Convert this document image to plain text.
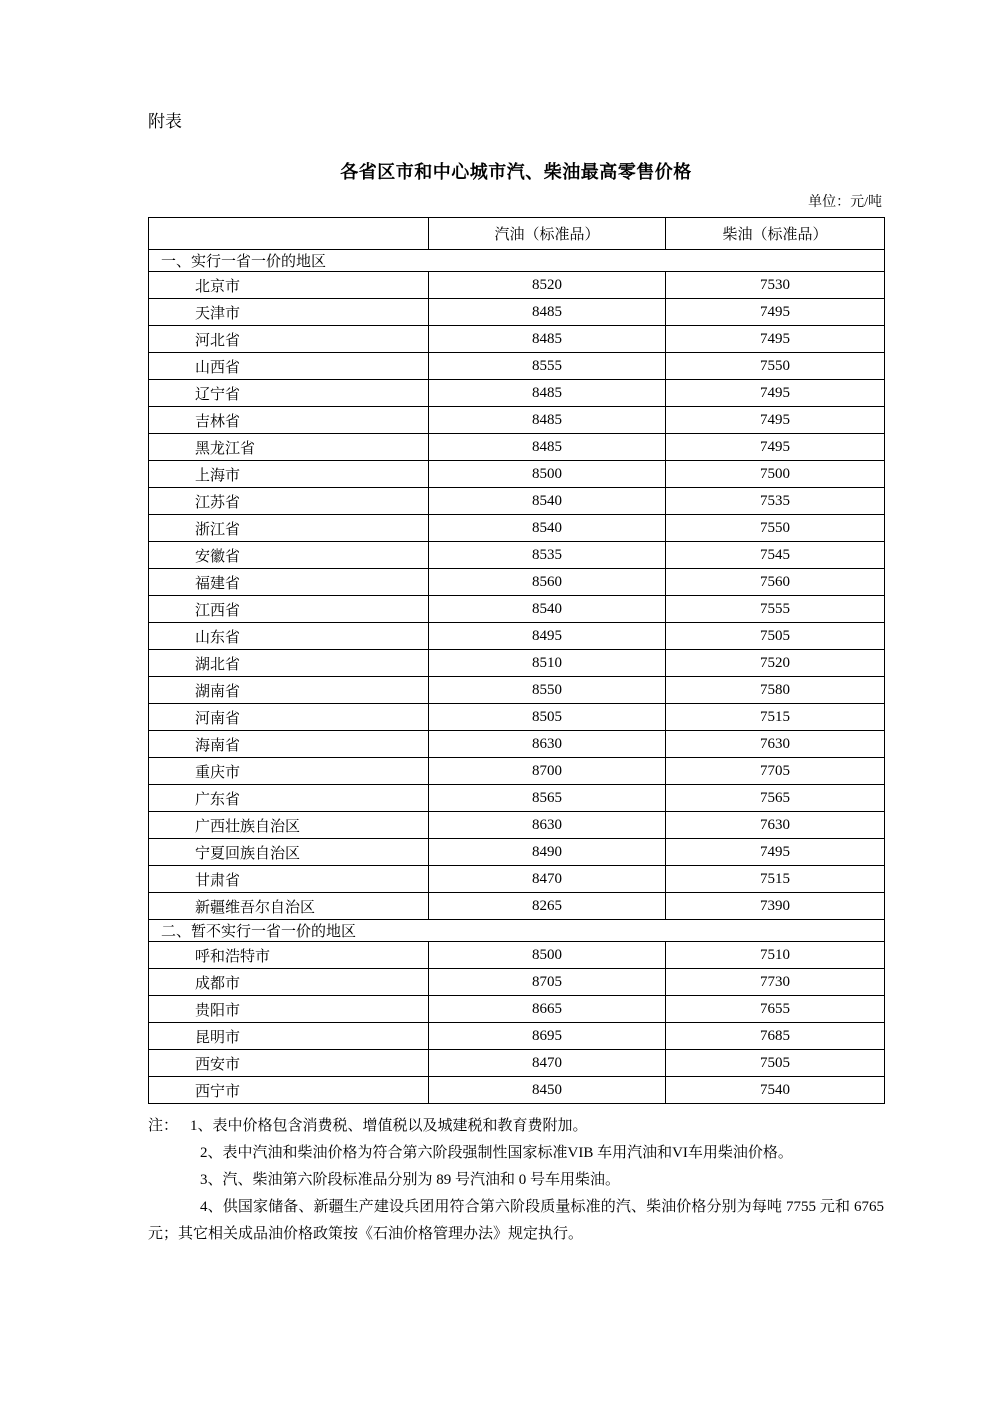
附表
各省区市和中心城市汽、柴油最高零售价格
单位：元/吨
	汽油（标准品）	柴油（标准品）
一、实行一省一价的地区		
北京市	8520	7530
天津市	8485	7495
河北省	8485	7495
山西省	8555	7550
辽宁省	8485	7495
吉林省	8485	7495
黑龙江省	8485	7495
上海市	8500	7500
江苏省	8540	7535
浙江省	8540	7550
安徽省	8535	7545
福建省	8560	7560
江西省	8540	7555
山东省	8495	7505
湖北省	8510	7520
湖南省	8550	7580
河南省	8505	7515
海南省	8630	7630
重庆市	8700	7705
广东省	8565	7565
广西壮族自治区	8630	7630
宁夏回族自治区	8490	7495
甘肃省	8470	7515
新疆维吾尔自治区	8265	7390
二、暂不实行一省一价的地区		
呼和浩特市	8500	7510
成都市	8705	7730
贵阳市	8665	7655
昆明市	8695	7685
西安市	8470	7505
西宁市	8450	7540

注： 1、表中价格包含消费税、增值税以及城建税和教育费附加。

2、表中汽油和柴油价格为符合第六阶段强制性国家标准VIB 车用汽油和VI车用柴油价格。

3、汽、柴油第六阶段标准品分别为 89 号汽油和 0 号车用柴油。

4、供国家储备、新疆生产建设兵团用符合第六阶段质量标准的汽、柴油价格分别为每吨 7755 元和 6765 元；其它相关成品油价格政策按《石油价格管理办法》规定执行。
